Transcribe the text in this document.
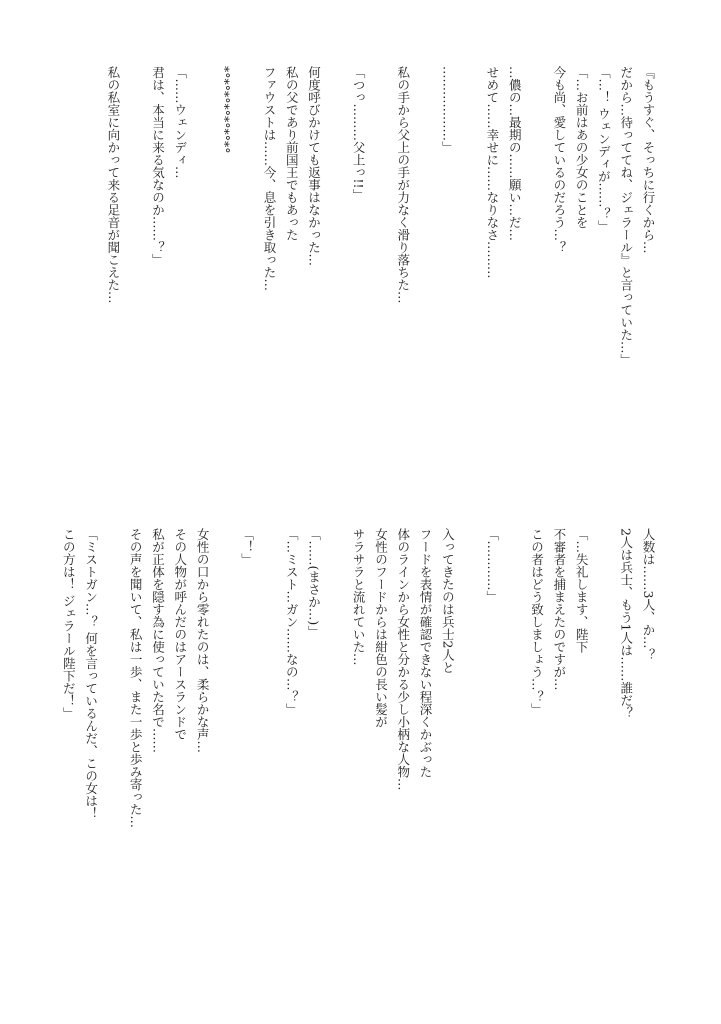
『もうすぐ、そっちに行くから…
だから…待っててね、ジェラール』と言っていた…」
「…！ ウェンディが……？」
「…お前はあの少女のことを
今も尚、愛しているのだろう…？
…儂の…最期の……願い…だ…
せめて……幸せに……なりなさ………
………………」
私の手から父上の手が力なく滑り落ちた…
「つっ………父上っ!!」
何度呼びかけても返事はなかった…
私の父であり前国王でもあった
ファウストは……今、息を引き取った…
*°*°*°*°*°*°*°
「……ウェンディ…
君は、本当に来る気なのか……？」
私の私室に向かって来る足音が聞こえた…
人数は……3人、か…？
2人は兵士、もう1人は……誰だ？
「…失礼します、陛下
不審者を捕まえたのですが…
この者はどう致しましょう…？」
「…………」
入ってきたのは兵士2人と
フードを表情が確認できない程深くかぶった
体のラインから女性と分かる少し小柄な人物…
女性のフードからは紺色の長い髪が
サラサラと流れていた…
「……(まさか…)」
「…ミスト…ガン……なの…？」
「！」
女性の口から零れたのは、柔らかな声…
その人物が呼んだのはアースランドで
私が正体を隠す為に使っていた名で……
その声を聞いて、私は一歩、また一歩と歩み寄った…
「ミストガン…？ 何を言っているんだ、この女は！
この方は！ ジェラール陛下だ！」
